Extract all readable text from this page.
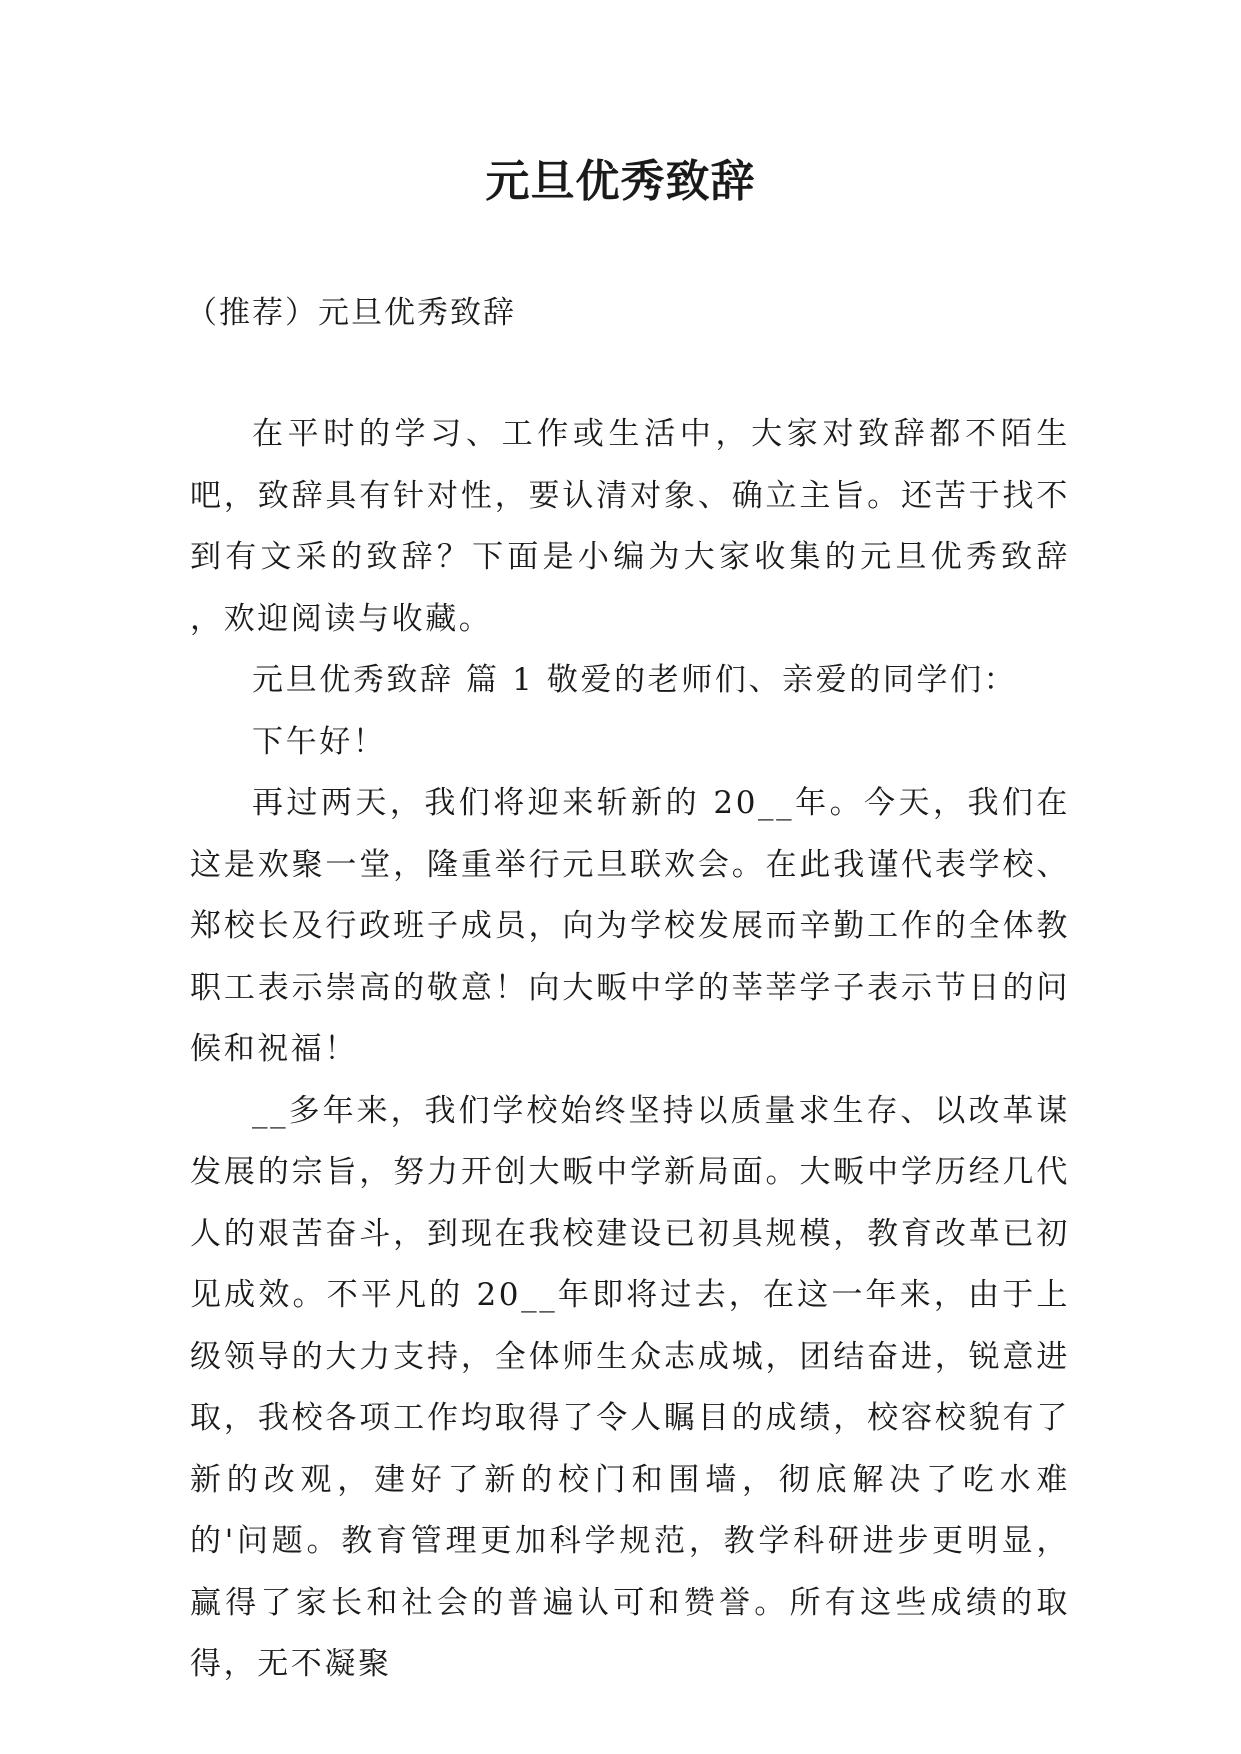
元旦优秀致辞
（推荐）元旦优秀致辞

在平时的学习、工作或生活中，大家对致辞都不陌生吧，致辞具有针对性，要认清对象、确立主旨。还苦于找不到有文采的致辞？下面是小编为大家收集的元旦优秀致辞 ，欢迎阅读与收藏。

元旦优秀致辞 篇 1 敬爱的老师们、亲爱的同学们：

下午好！

再过两天，我们将迎来斩新的 20__年。今天，我们在这是欢聚一堂，隆重举行元旦联欢会。在此我谨代表学校、郑校长及行政班子成员，向为学校发展而辛勤工作的全体教职工表示崇高的敬意！向大畈中学的莘莘学子表示节日的问候和祝福！

__多年来，我们学校始终坚持以质量求生存、以改革谋发展的宗旨，努力开创大畈中学新局面。大畈中学历经几代人的艰苦奋斗，到现在我校建设已初具规模，教育改革已初见成效。不平凡的 20__年即将过去，在这一年来，由于上级领导的大力支持，全体师生众志成城，团结奋进，锐意进取，我校各项工作均取得了令人瞩目的成绩，校容校貌有了新的改观，建好了新的校门和围墙，彻底解决了吃水难的'问题。教育管理更加科学规范，教学科研进步更明显，赢得了家长和社会的普遍认可和赞誉。所有这些成绩的取得，无不凝聚
